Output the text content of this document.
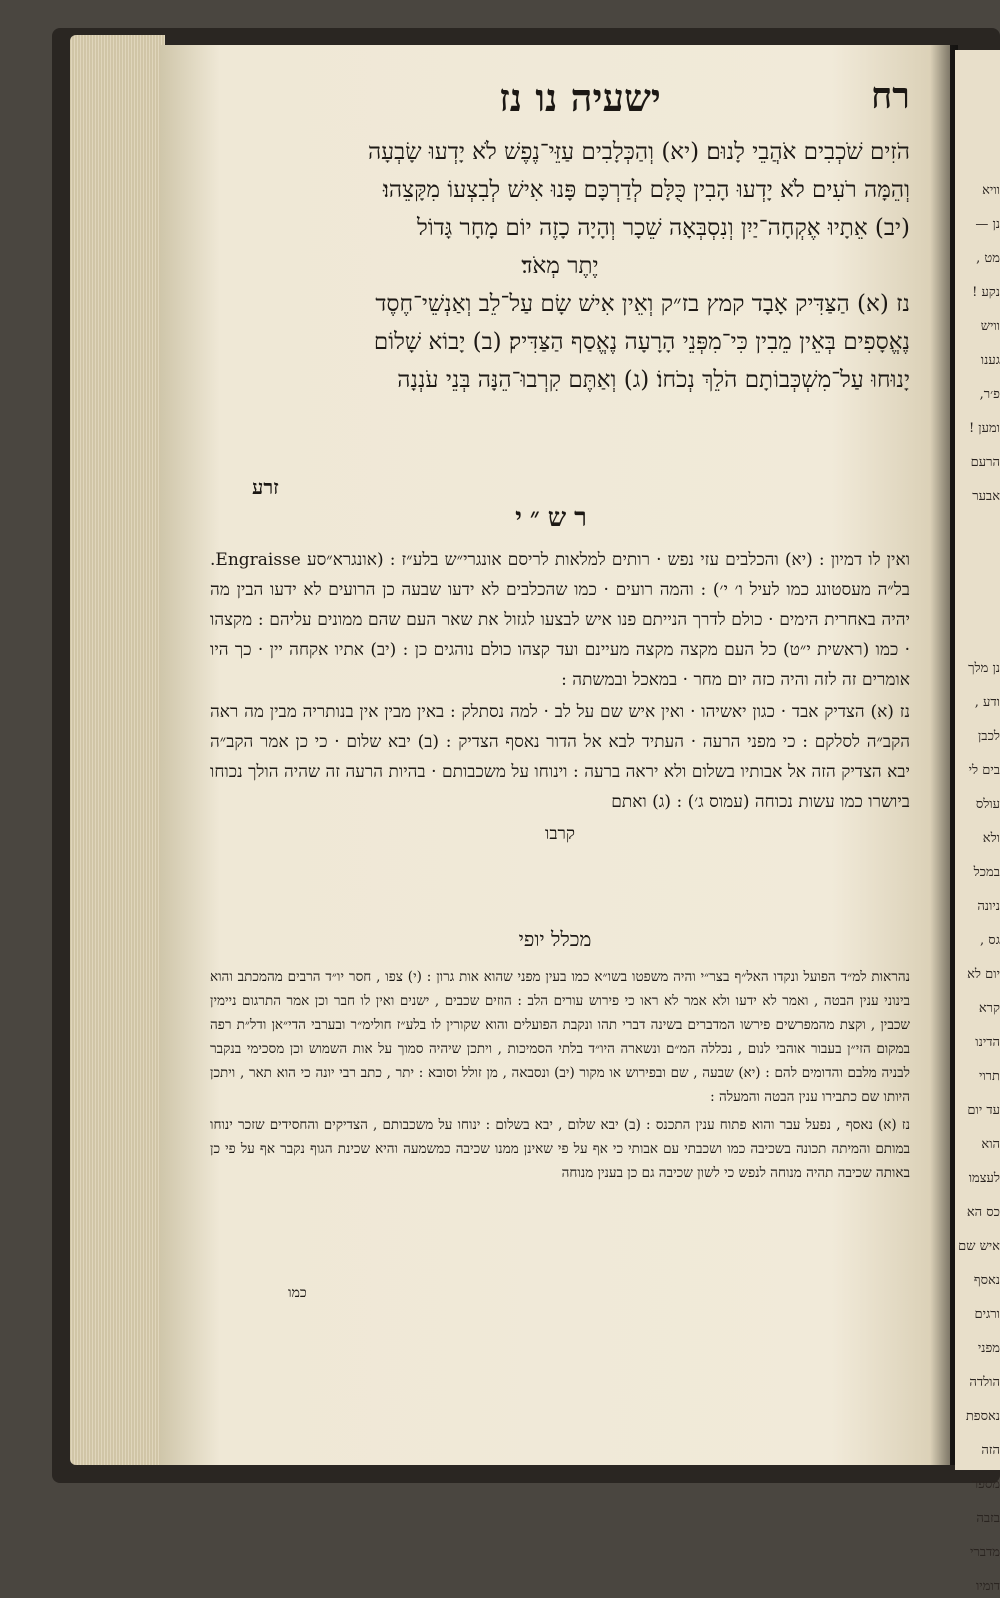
רח
ישעיה נו נז

הֹזִים שֹׁכְבִים אֹהֲבֵי לָנוּם׃ (יא) וְהַכְּלָבִים עַזֵּי־נֶפֶשׁ לֹא יָדְעוּ שָׂבְעָה

וְהֵמָּה רֹעִים לֹא יָדְעוּ הָבִין כֻּלָּם לְדַרְכָּם פָּנוּ אִישׁ לְבִצְעוֹ מִקָּצֵהוּ׃

(יב) אֵתָיוּ אֶקְחָה־יַיִן וְנִסְבְּאָה שֵׁכָר וְהָיָה כָזֶה יוֹם מָחָר גָּדוֹל

יֶתֶר מְאֹד׃

נז (א) הַצַּדִּיק אָבָד קמץ בז״ק וְאֵין אִישׁ שָׂם עַל־לֵב וְאַנְשֵׁי־חֶסֶד

נֶאֱסָפִים בְּאֵין מֵבִין כִּי־מִפְּנֵי הָרָעָה נֶאֱסַף הַצַּדִּיק׃ (ב) יָבוֹא שָׁלוֹם

יָנוּחוּ עַל־מִשְׁכְּבוֹתָם הֹלֵךְ נְכֹחוֹ׃ (ג) וְאַתֶּם קִרְבוּ־הֵנָּה בְּנֵי עֹנְנָה

זרע
רש״י

ואין לו דמיון : (יא) והכלבים עזי נפש · רותים למלאות לריסם אונגרי״ש בלע״ז : (אונגרא״סע Engraisse. בל״ה מעסטונג כמו לעיל ו׳ י׳) : והמה רועים · כמו שהכלבים לא ידעו שבעה כן הרועים לא ידעו הבין מה יהיה באחרית הימים · כולם לדרך הנייתם פנו איש לבצעו לגזול את שאר העם שהם ממונים עליהם : מקצהו · כמו (ראשית י״ט) כל העם מקצה מקצה מעיינם ועד קצהו כולם נוהגים כן : (יב) אתיו אקחה יין · כך היו אומרים זה לזה והיה כזה יום מחר · במאכל ובמשתה :

נז (א) הצדיק אבד · כגון יאשיהו · ואין איש שם על לב · למה נסתלק : באין מבין אין בנותריה מבין מה ראה הקב״ה לסלקם : כי מפני הרעה · העתיד לבא אל הדור נאסף הצדיק : (ב) יבא שלום · כי כן אמר הקב״ה יבא הצדיק הזה אל אבותיו בשלום ולא יראה ברעה : וינוחו על משכבותם · בהיות הרעה זה שהיה הולך נכוחו ביושרו כמו עשות נכוחה (עמוס ג׳) : (ג) ואתם

קרבו

מכלל יופי

נהראות למ״ד הפועל ונקדו האל״ף בצר״י והיה משפטו בשו״א כמו בעין מפני שהוא אות גרון : (י) צפו , חסר יו״ד הרבים מהמכתב והוא בינוני ענין הבטה , ואמר לא ידעו ולא אמר לא ראו כי פירוש עורים הלב : הוזים שכבים , ישנים ואין לו חבר וכן אמר התרגום ניימין שכבין , וקצת מהמפרשים פירשו המדברים בשינה דברי תהו ונקבת הפועלים והוא שקורין לו בלע״ז חולימ״ר ובערבי הדי״אן ודל״ת רפה במקום הזי״ן בעבור אוהבי לנום , נכללה המ״ם ונשארה היו״ד בלתי הסמיכות , ויתכן שיהיה סמוך על אות השמוש וכן מסכימי בנקבר לבניה מלבם והדומים להם : (יא) שבעה , שם ובפירוש או מקור (יב) ונסבאה , מן זולל וסובא : יתר , כתב רבי יונה כי הוא תאר , ויתכן היותו שם כתבירו ענין הבטה והמעלה :

נז (א) נאסף , נפעל עבר והוא פתוח ענין התכנס : (ב) יבא שלום , יבא בשלום : ינוחו על משכבותם , הצדיקים והחסידים שזכר ינוחו במותם והמיתה תכונה בשכיבה כמו ושכבתי עם אבותי כי אף על פי שאינן ממנו שכיבה כמשמעה והיא שכינת הגוף נקבר אף על פי כן באותה שכיבה תהיה מנוחה לנפש כי לשון שכיבה גם כן בענין מנוחה

כמו
וויא
נן —
מט ,
נקע !
וויש
גענו
פ׳ר,
ומען !
הרעם
אבער
נן מלך
ודע ,
לכבן
בים לי
עולס
ולא
במכל
ניונה
גס ,
יום לא
קרא
הדינו
תרוי
עד יום
הוא
לעצמו
כס הא
איש שם
נאסף
ורגים
מפני
הולדה
נאספת
הזה
מספר
בזבה
מדברי
דומיו
